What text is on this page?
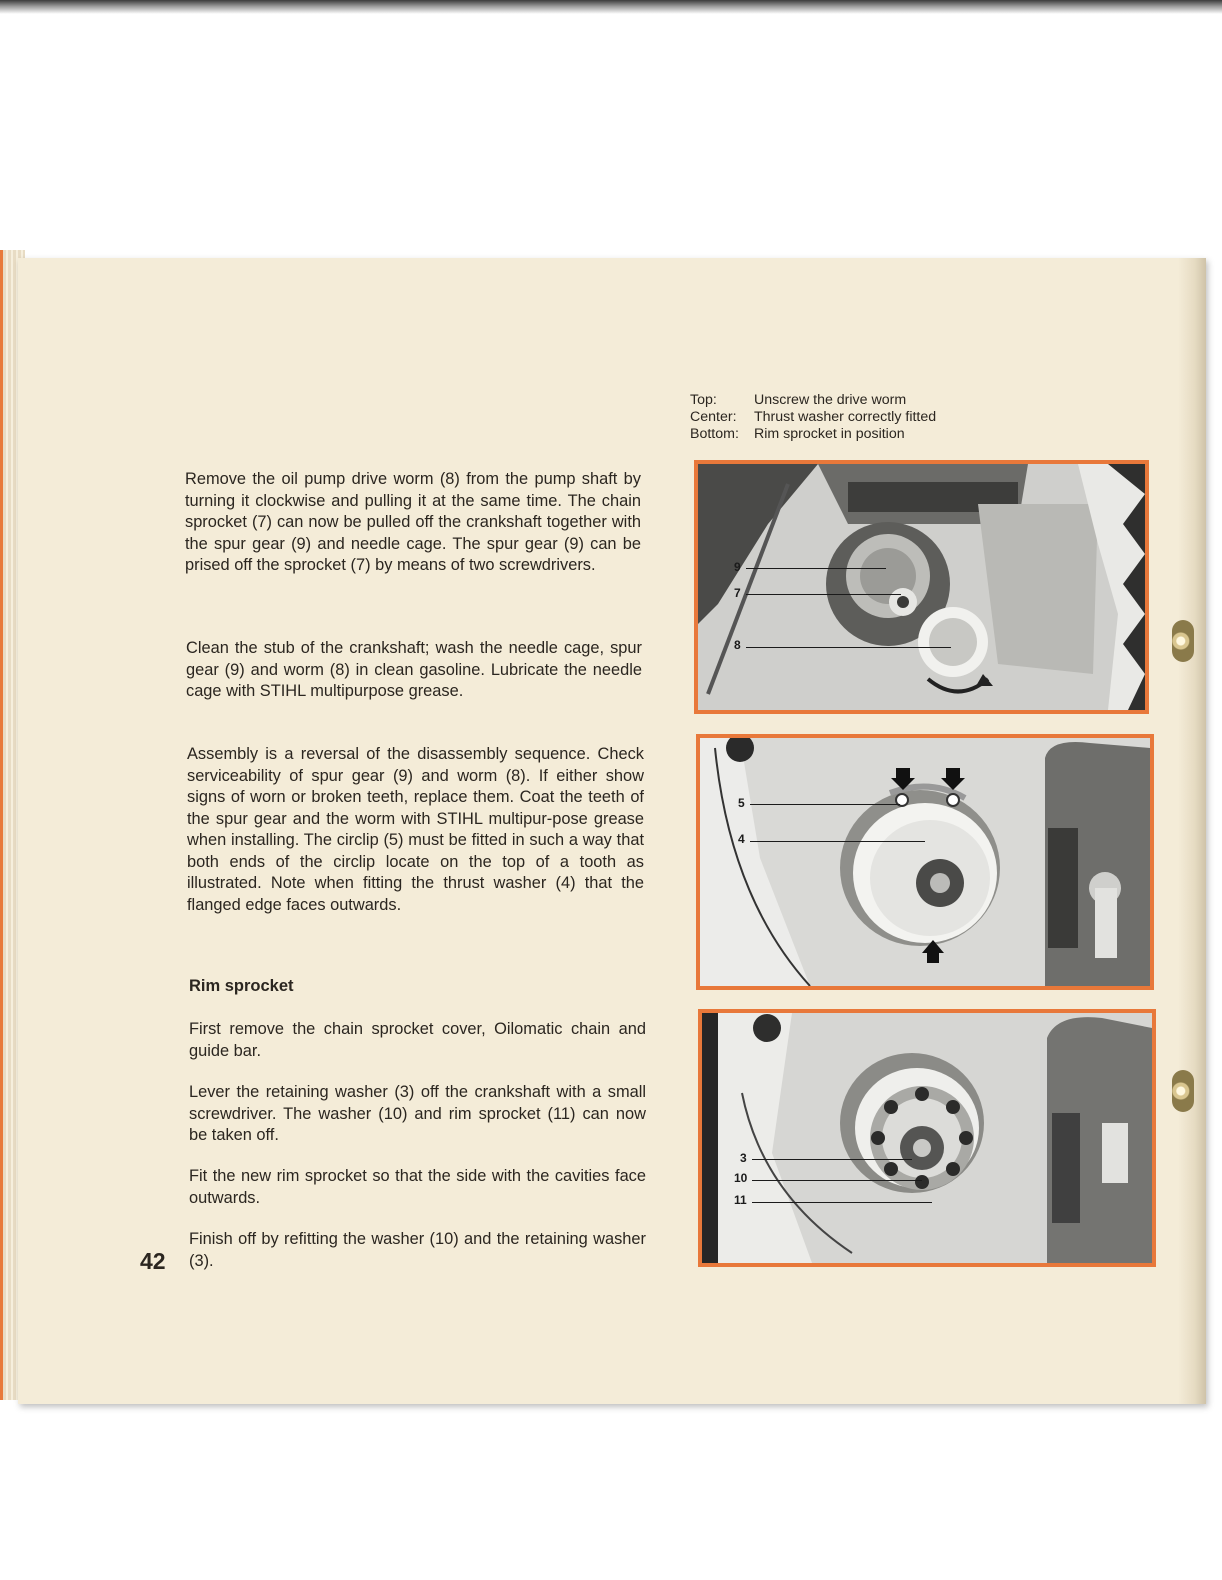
Top:	Unscrew the drive worm
Center:	Thrust washer correctly fitted
Bottom:	Rim sprocket in position

Remove the oil pump drive worm (8) from the pump shaft by turning it clockwise and pulling it at the same time. The chain sprocket (7) can now be pulled off the crankshaft together with the spur gear (9) and needle cage. The spur gear (9) can be prised off the sprocket (7) by means of two screwdrivers.

Clean the stub of the crankshaft; wash the needle cage, spur gear (9) and worm (8) in clean gasoline. Lubricate the needle cage with STIHL multipurpose grease.

Assembly is a reversal of the disassembly sequence. Check serviceability of spur gear (9) and worm (8). If either show signs of worn or broken teeth, replace them. Coat the teeth of the spur gear and the worm with STIHL multipur-pose grease when installing. The circlip (5) must be fitted in such a way that both ends of the circlip locate on the top of a tooth as illustrated. Note when fitting the thrust washer (4) that the flanged edge faces outwards.

Rim sprocket

First remove the chain sprocket cover, Oilomatic chain and guide bar.

Lever the retaining washer (3) off the crankshaft with a small screwdriver. The washer (10) and rim sprocket (11) can now be taken off.

Fit the new rim sprocket so that the side with the cavities face outwards.

Finish off by refitting the washer (10) and the retaining washer (3).

42
9
7
8
5
4
3
10
11
